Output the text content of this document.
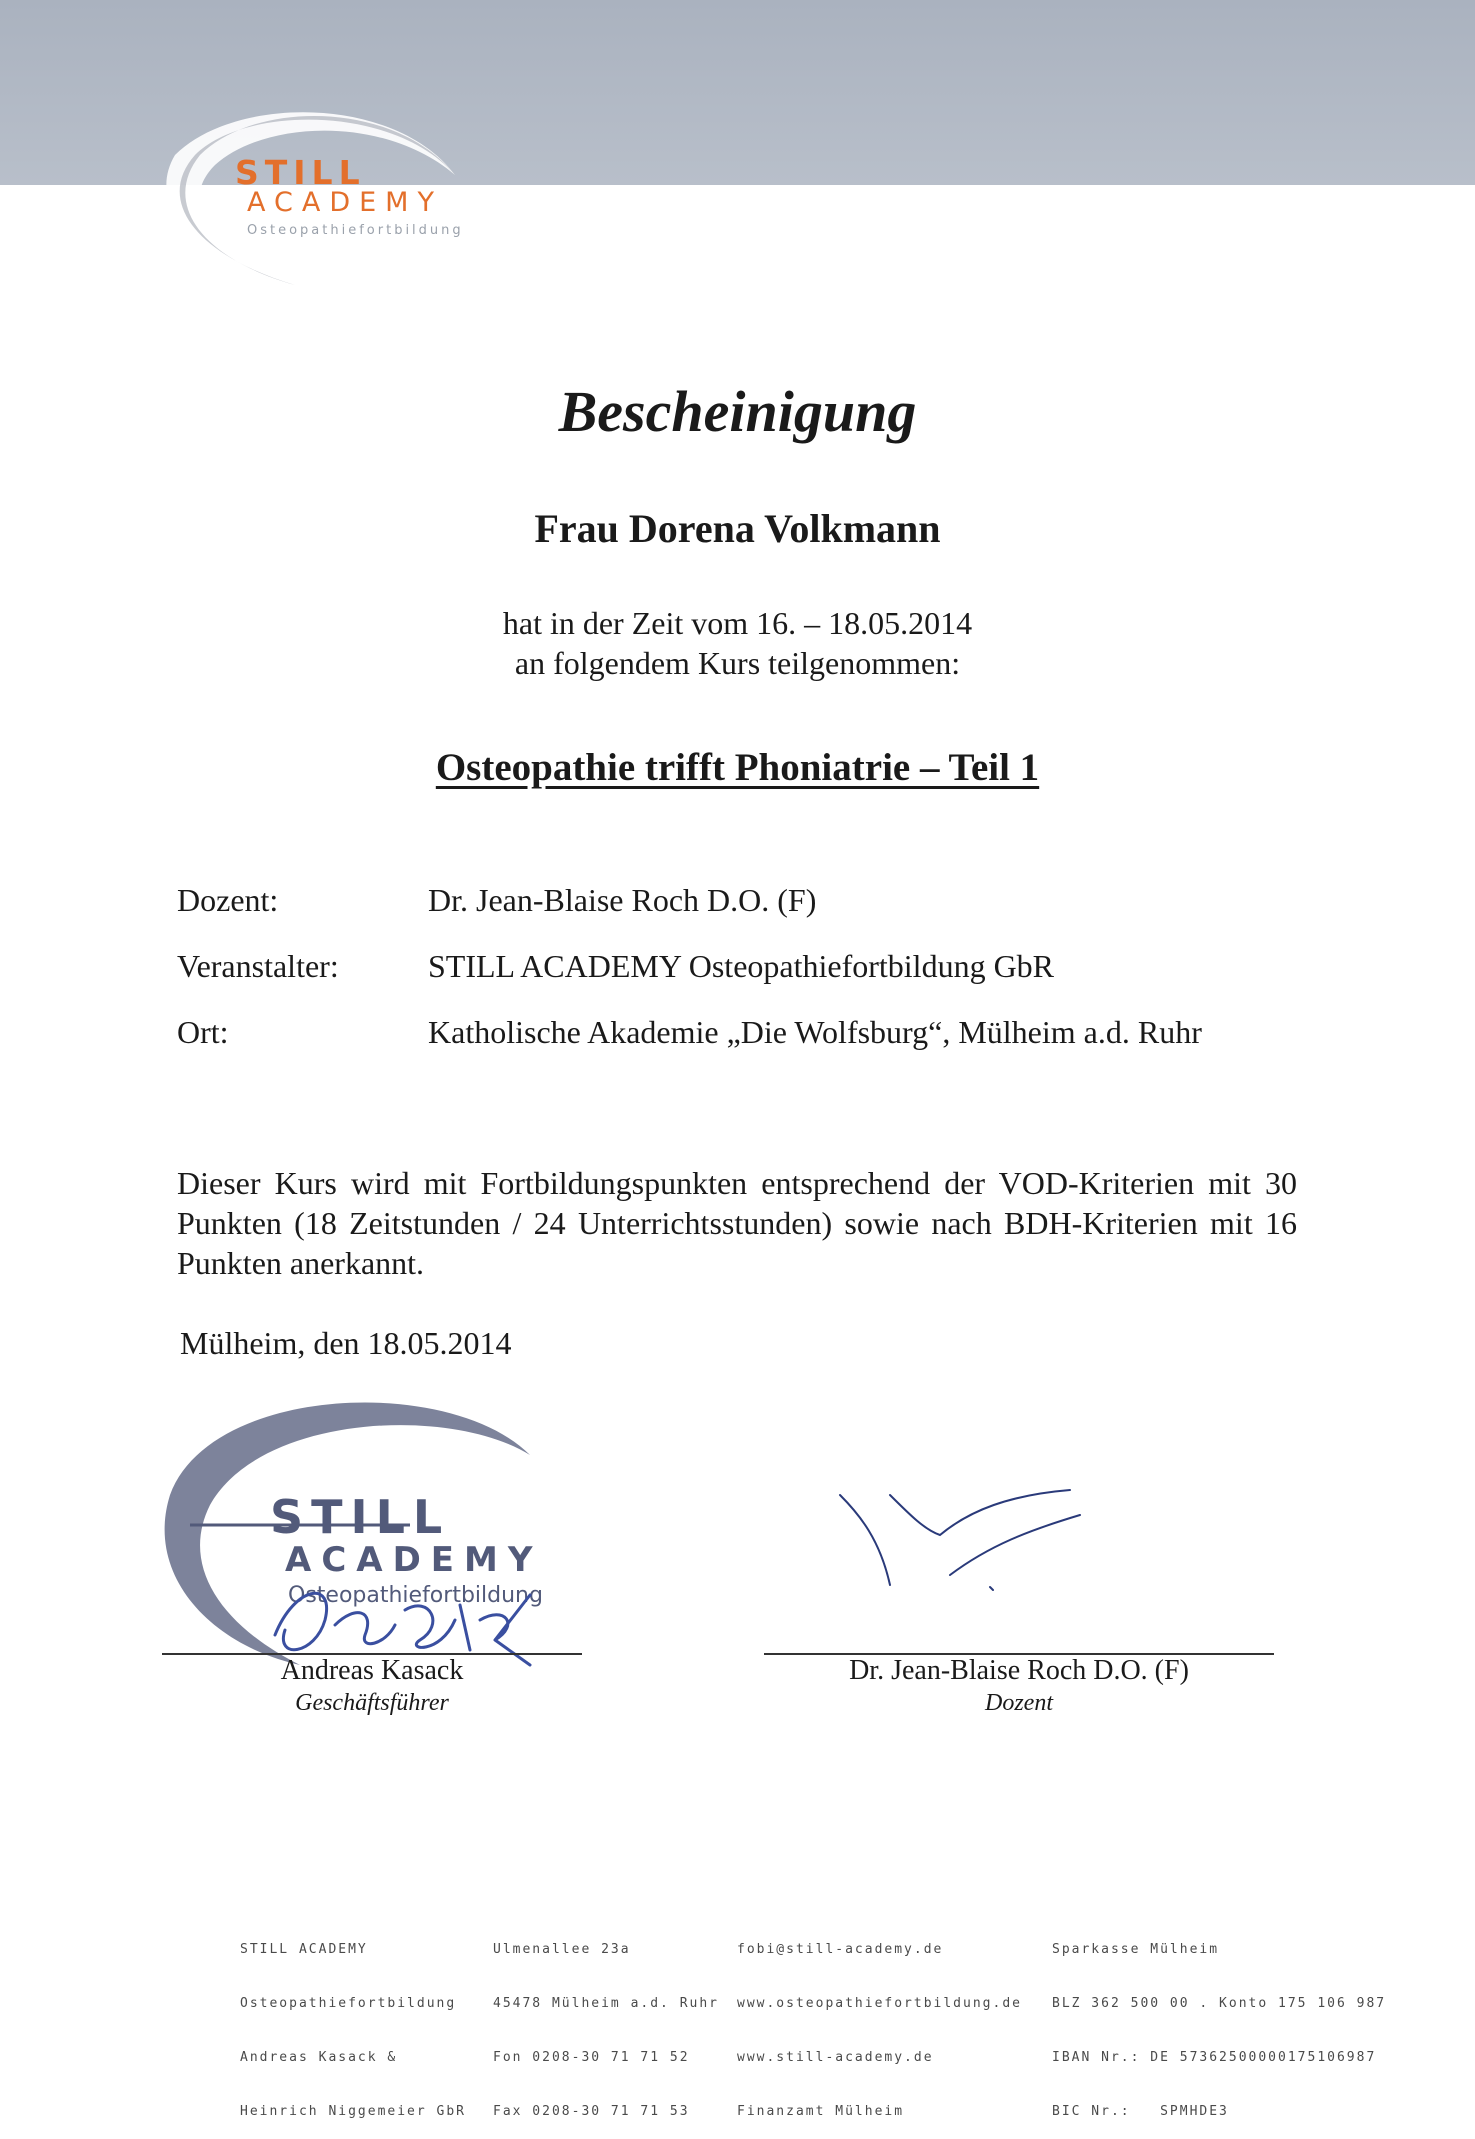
STILL
ACADEMY
Osteopathiefortbildung
Bescheinigung
Frau Dorena Volkmann
hat in der Zeit vom 16. – 18.05.2014
an folgendem Kurs teilgenommen:
Osteopathie trifft Phoniatrie – Teil 1
Dozent:	Dr. Jean-Blaise Roch D.O. (F)
Veranstalter:	STILL ACADEMY Osteopathiefortbildung GbR
Ort:	Katholische Akademie „Die Wolfsburg“, Mülheim a.d. Ruhr
Dieser Kurs wird mit Fortbildungspunkten entsprechend der VOD-Kriterien mit 30 Punkten (18 Zeitstunden / 24 Unterrichtsstunden) sowie nach BDH-Kriterien mit 16 Punkten anerkannt.
Mülheim, den 18.05.2014
STILL
ACADEMY
Osteopathiefortbildung
Andreas Kasack
Geschäftsführer
Dr. Jean-Blaise Roch D.O. (F)
Dozent

STILL ACADEMY

Osteopathiefortbildung

Andreas Kasack &

Heinrich Niggemeier GbR

Ulmenallee 23a

45478 Mülheim a.d. Ruhr

Fon 0208-30 71 71 52

Fax 0208-30 71 71 53

fobi@still-academy.de

www.osteopathiefortbildung.de

www.still-academy.de

Finanzamt Mülheim

Sparkasse Mülheim

BLZ 362 500 00 . Konto 175 106 987

IBAN Nr.: DE 57362500000175106987

BIC Nr.:   SPMHDE3
